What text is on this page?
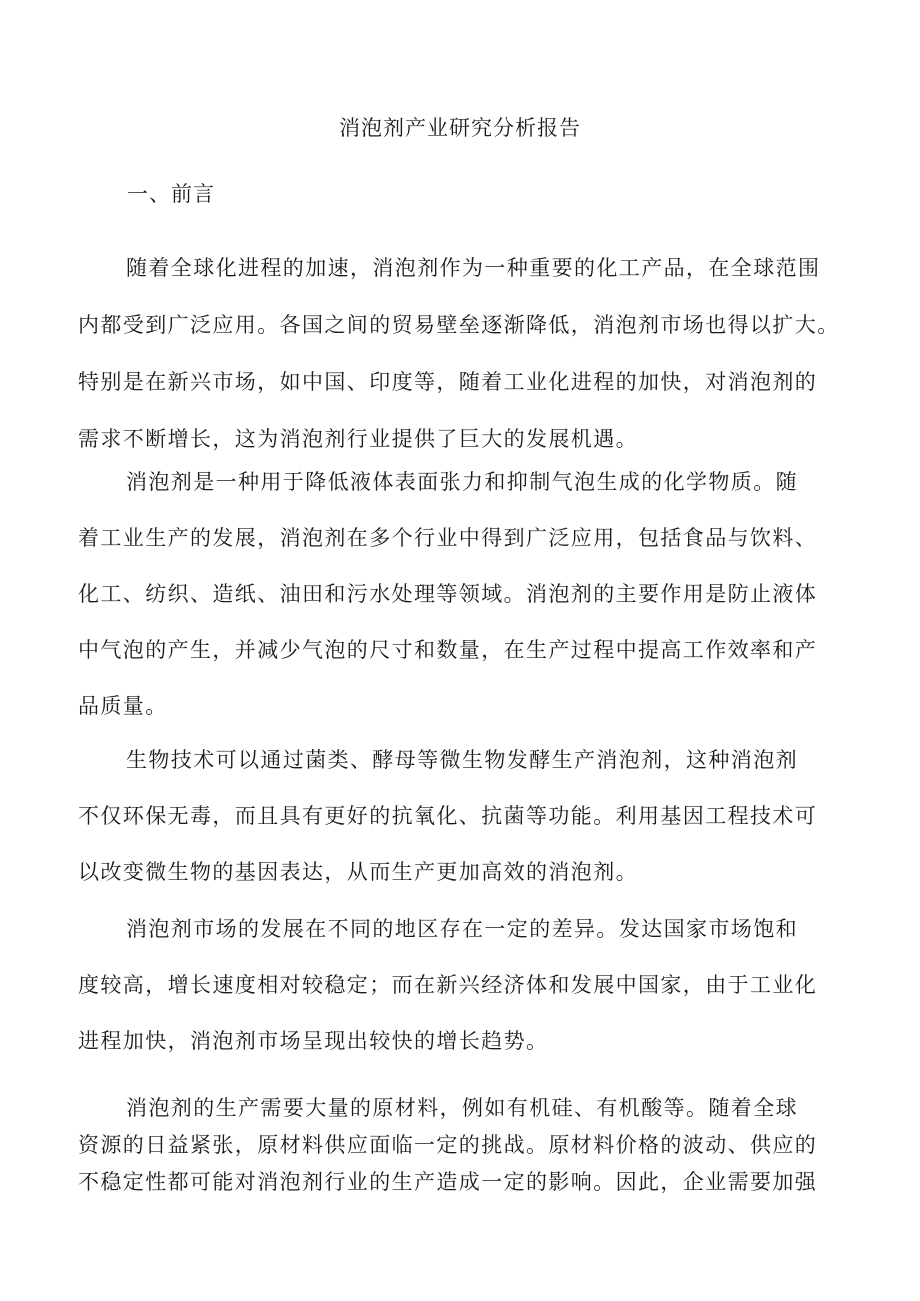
消泡剂产业研究分析报告
一、前言
随着全球化进程的加速，消泡剂作为一种重要的化工产品，在全球范围
内都受到广泛应用。各国之间的贸易壁垒逐渐降低，消泡剂市场也得以扩大。
特别是在新兴市场，如中国、印度等，随着工业化进程的加快，对消泡剂的
需求不断增长，这为消泡剂行业提供了巨大的发展机遇。
消泡剂是一种用于降低液体表面张力和抑制气泡生成的化学物质。随
着工业生产的发展，消泡剂在多个行业中得到广泛应用，包括食品与饮料、
化工、纺织、造纸、油田和污水处理等领域。消泡剂的主要作用是防止液体
中气泡的产生，并减少气泡的尺寸和数量，在生产过程中提高工作效率和产
品质量。
生物技术可以通过菌类、酵母等微生物发酵生产消泡剂，这种消泡剂
不仅环保无毒，而且具有更好的抗氧化、抗菌等功能。利用基因工程技术可
以改变微生物的基因表达，从而生产更加高效的消泡剂。
消泡剂市场的发展在不同的地区存在一定的差异。发达国家市场饱和
度较高，增长速度相对较稳定；而在新兴经济体和发展中国家，由于工业化
进程加快，消泡剂市场呈现出较快的增长趋势。
消泡剂的生产需要大量的原材料，例如有机硅、有机酸等。随着全球
资源的日益紧张，原材料供应面临一定的挑战。原材料价格的波动、供应的
不稳定性都可能对消泡剂行业的生产造成一定的影响。因此，企业需要加强
